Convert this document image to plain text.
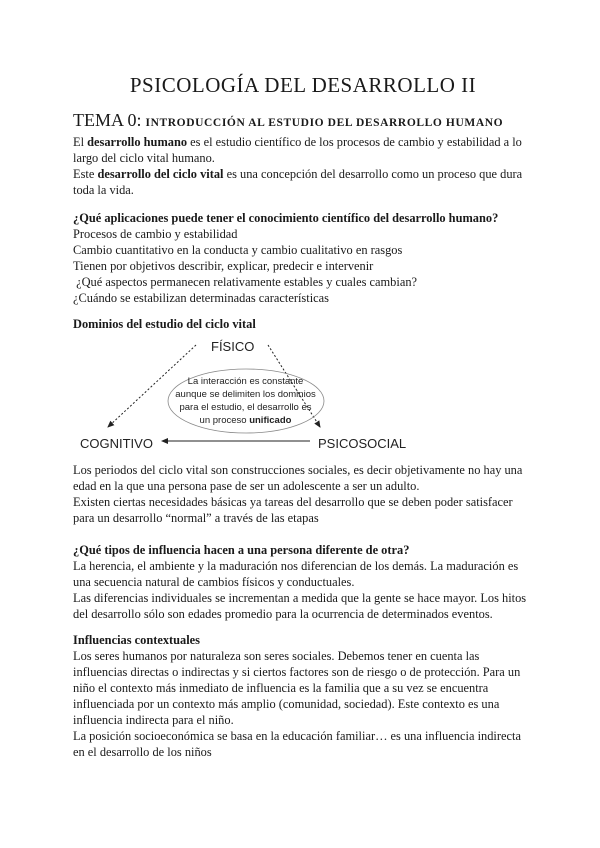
PSICOLOGÍA DEL DESARROLLO II
TEMA 0: INTRODUCCIÓN AL ESTUDIO DEL DESARROLLO HUMANO

El desarrollo humano es el estudio científico de los procesos de cambio y estabilidad a lo largo del ciclo vital humano.

Este desarrollo del ciclo vital es una concepción del desarrollo como un proceso que dura toda la vida.

¿Qué aplicaciones puede tener el conocimiento científico del desarrollo humano?

Procesos de cambio y estabilidad

Cambio cuantitativo en la conducta y cambio cualitativo en rasgos

Tienen por objetivos describir, explicar, predecir e intervenir

¿Qué aspectos permanecen relativamente estables y cuales cambian?

¿Cuándo se estabilizan determinadas características

Dominios del estudio del ciclo vital

FÍSICO
COGNITIVO	PSICOSOCIAL

La interacción es constante

aunque se delimiten los dominios

para el estudio, el desarrollo es

un proceso unificado

Los periodos del ciclo vital son construcciones sociales, es decir objetivamente no hay una edad en la que una persona pase de ser un adolescente a ser un adulto.

Existen ciertas necesidades básicas ya tareas del desarrollo que se deben poder satisfacer para un desarrollo “normal” a través de las etapas

¿Qué tipos de influencia hacen a una persona diferente de otra?

La herencia, el ambiente y la maduración nos diferencian de los demás. La maduración es una secuencia natural de cambios físicos y conductuales.

Las diferencias individuales se incrementan a medida que la gente se hace mayor. Los hitos del desarrollo sólo son edades promedio para la ocurrencia de determinados eventos.

Influencias contextuales

Los seres humanos por naturaleza son seres sociales. Debemos tener en cuenta las influencias directas o indirectas y si ciertos factores son de riesgo o de protección. Para un niño el contexto más inmediato de influencia es la familia que a su vez se encuentra influenciada por un contexto más amplio (comunidad, sociedad). Este contexto es una influencia indirecta para el niño.

La posición socioeconómica se basa en la educación familiar… es una influencia indirecta en el desarrollo de los niños
